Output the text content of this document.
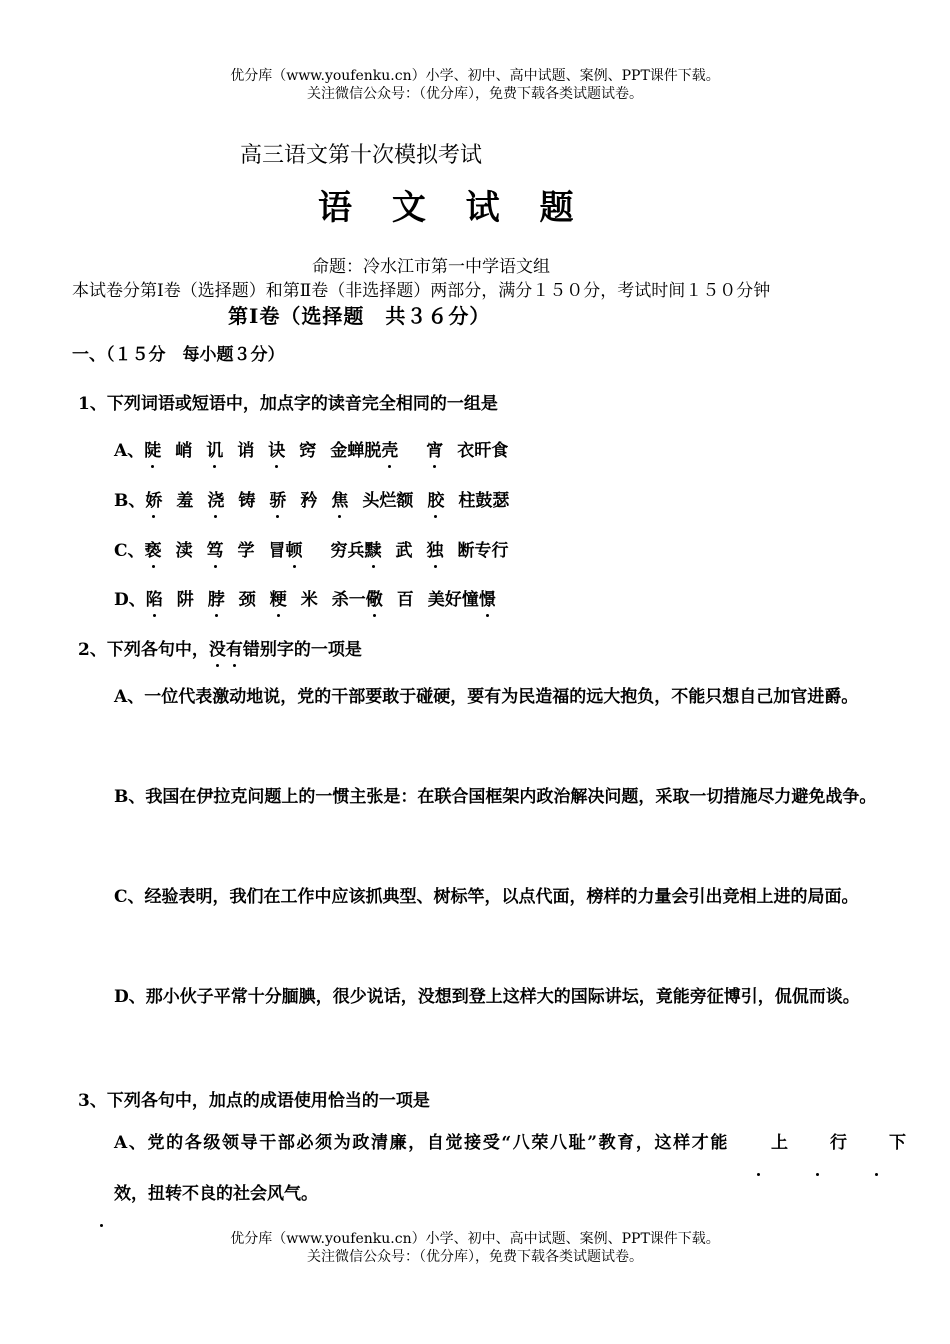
优分库（www.youfenku.cn）小学、初中、高中试题、案例、PPT课件下载。
关注微信公众号：（优分库），免费下载各类试题试卷。
高三语文第十次模拟考试
语 文 试 题
命题：冷水江市第一中学语文组
本试卷分第Ⅰ卷（选择题）和第Ⅱ卷（非选择题）两部分，满分１５０分，考试时间１５０分钟
第Ⅰ卷（选择题　共３６分）
一、（１５分　每小题３分）
1、下列词语或短语中，加点字的读音完全相同的一组是
A、陡 峭 讥 诮 诀 窍 金蝉脱壳 宵 衣旰食
B、娇 羞 浇 铸 骄 矜 焦 头烂额 胶 柱鼓瑟
C、亵 渎 笃 学 冒顿 穷兵黩 武 独 断专行
D、陷 阱 脖 颈 粳 米 杀一儆 百 美好憧憬
2、下列各句中，没有错别字的一项是
A、一位代表激动地说，党的干部要敢于碰硬，要有为民造福的远大抱负，不能只想自己加官进爵。
B、我国在伊拉克问题上的一惯主张是：在联合国框架内政治解决问题，采取一切措施尽力避免战争。
C、经验表明，我们在工作中应该抓典型、树标竿，以点代面，榜样的力量会引出竞相上进的局面。
D、那小伙子平常十分腼腆，很少说话，没想到登上这样大的国际讲坛，竟能旁征博引，侃侃而谈。
3、下列各句中，加点的成语使用恰当的一项是
A、党的各级领导干部必须为政清廉，自觉接受“八荣八耻”教育，这样才能 上 行 下效，扭转不良的社会风气。
优分库（www.youfenku.cn）小学、初中、高中试题、案例、PPT课件下载。
关注微信公众号：（优分库），免费下载各类试题试卷。
